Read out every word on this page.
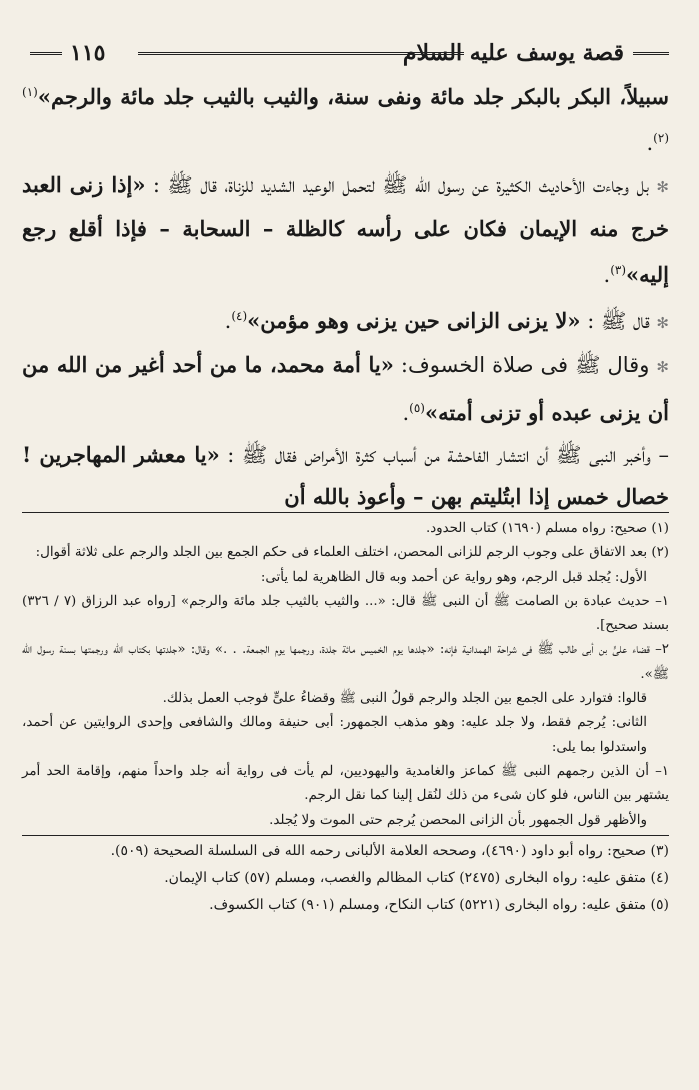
قصة يوسف عليه السلام
١١٥

سبيلاً، البكر بالبكر جلد مائة ونفى سنة، والثيب بالثيب جلد مائة والرجم»$^{(١)(٢)}$.

✻ بل وجاءت الأحاديث الكثيرة عن رسول الله ﷺ لتحمل الوعيد الشديد للزناة، قال ﷺ : «إذا زنى العبد خرج منه الإيمان فكان على رأسه كالظلة – السحابة – فإذا أقلع رجع إليه»$^{(٣)}$.

✻ قال ﷺ : «لا يزنى الزانى حين يزنى وهو مؤمن»$^{(٤)}$.

✻ وقال ﷺ فى صلاة الخسوف: «يا أمة محمد، ما من أحد أغير من الله من أن يزنى عبده أو تزنى أمته»$^{(٥)}$.

– وأخبر النبى ﷺ أن انتشار الفاحشة من أسباب كثرة الأمراض فقال ﷺ : «يا معشر المهاجرين ! خصال خمس إذا ابتُليتم بهن – وأعوذ بالله أن

(١) صحيح: رواه مسلم (١٦٩٠) كتاب الحدود.

(٢) بعد الاتفاق على وجوب الرجم للزانى المحصن، اختلف العلماء فى حكم الجمع بين الجلد والرجم على ثلاثة أقوال:

الأول: يُجلد قبل الرجم، وهو رواية عن أحمد وبه قال الظاهرية لما يأتى:

١– حديث عبادة بن الصامت ﷺ أن النبى ﷺ قال: «... والثيب بالثيب جلد مائة والرجم» [رواه عبد الرزاق (٧ / ٣٢٦) بسند صحيح].

٢– قضاء علىٍّ بن أبى طالب ﷺ فى شراحة الهمدانية فإنه: «جلدها يوم الخميس مائة جلدة، ورجمها يوم الجمعة. . .» وقال: «جلدتها بكتاب الله ورجمتها بسنة رسول الله ﷺ».

قالوا: فتوارد على الجمع بين الجلد والرجم قولُ النبى ﷺ وقضاءُ علىٍّ فوجب العمل بذلك.

الثانى: يُرجم فقط، ولا جلد عليه: وهو مذهب الجمهور: أبى حنيفة ومالك والشافعى وإحدى الروايتين عن أحمد، واستدلوا بما يلى:

١– أن الذين رجمهم النبى ﷺ كماعز والغامدية واليهوديين، لم يأت فى رواية أنه جلد واحداً منهم، وإقامة الحد أمر يشتهر بين الناس، فلو كان شىء من ذلك لنُقل إلينا كما نقل الرجم.

والأظهر قول الجمهور بأن الزانى المحصن يُرجم حتى الموت ولا يُجلد.

(٣) صحيح: رواه أبو داود (٤٦٩٠)، وصححه العلامة الألبانى رحمه الله فى السلسلة الصحيحة (٥٠٩).

(٤) متفق عليه: رواه البخارى (٢٤٧٥) كتاب المظالم والغصب، ومسلم (٥٧) كتاب الإيمان.

(٥) متفق عليه: رواه البخارى (٥٢٢١) كتاب النكاح، ومسلم (٩٠١) كتاب الكسوف.
